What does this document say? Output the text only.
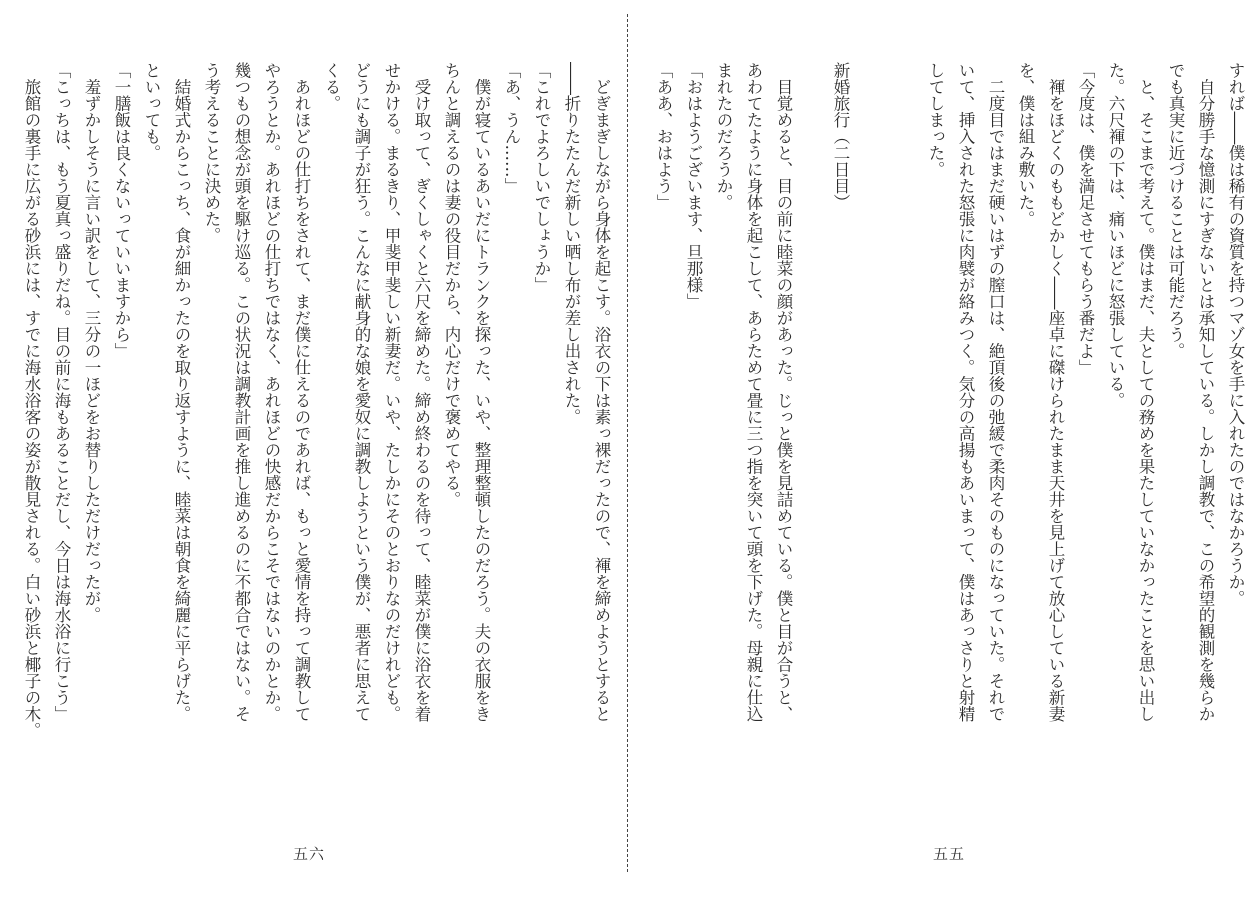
すれば――僕は稀有の資質を持つマゾ女を手に入れたのではなかろうか。
　自分勝手な憶測にすぎないとは承知している。しかし調教で、この希望的観測を幾らか
でも真実に近づけることは可能だろう。
　と、そこまで考えて。僕はまだ、夫としての務めを果たしていなかったことを思い出し
た。六尺褌の下は、痛いほどに怒張している。
「今度は、僕を満足させてもらう番だよ」
　褌をほどくのももどかしく――座卓に磔けられたまま天井を見上げて放心している新妻
を、僕は組み敷いた。
　二度目ではまだ硬いはずの膣口は、絶頂後の弛緩で柔肉そのものになっていた。それで
いて、挿入された怒張に肉襞が絡みつく。気分の高揚もあいまって、僕はあっさりと射精
してしまった。
新婚旅行（二日目）
　目覚めると、目の前に睦菜の顔があった。じっと僕を見詰めている。僕と目が合うと、
あわてたように身体を起こして、あらためて畳に三つ指を突いて頭を下げた。母親に仕込
まれたのだろうか。
「おはようございます、旦那様」
「ああ、おはよう」
　どぎまぎしながら身体を起こす。浴衣の下は素っ裸だったので、褌を締めようとすると
――折りたたんだ新しい晒し布が差し出された。
「これでよろしいでしょうか」
「あ、うん……」
　僕が寝ているあいだにトランクを探った、いや、整理整頓したのだろう。夫の衣服をき
ちんと調えるのは妻の役目だから、内心だけで褒めてやる。
　受け取って、ぎくしゃくと六尺を締めた。締め終わるのを待って、睦菜が僕に浴衣を着
せかける。まるきり、甲斐甲斐しい新妻だ。いや、たしかにそのとおりなのだけれども。
どうにも調子が狂う。こんなに献身的な娘を愛奴に調教しようという僕が、悪者に思えて
くる。
　あれほどの仕打ちをされて、まだ僕に仕えるのであれば、もっと愛情を持って調教して
やろうとか。あれほどの仕打ちではなく、あれほどの快感だからこそではないのかとか。
幾つもの想念が頭を駆け巡る。この状況は調教計画を推し進めるのに不都合ではない。そ
う考えることに決めた。
　結婚式からこっち、食が細かったのを取り返すように、睦菜は朝食を綺麗に平らげた。
といっても。
「一膳飯は良くないっていいますから」
　羞ずかしそうに言い訳をして、三分の一ほどをお替りしただけだったが。
「こっちは、もう夏真っ盛りだね。目の前に海もあることだし、今日は海水浴に行こう」
　旅館の裏手に広がる砂浜には、すでに海水浴客の姿が散見される。白い砂浜と椰子の木。
五六	五五
